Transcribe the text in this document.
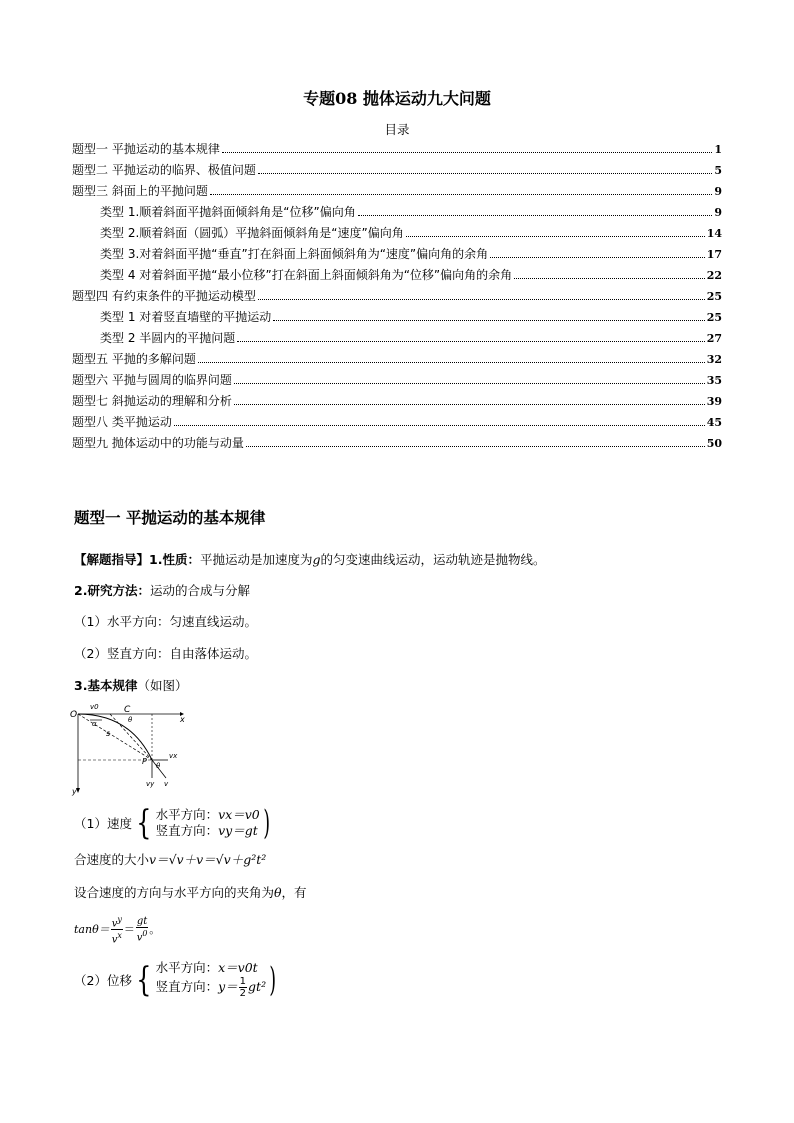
专题08 抛体运动九大问题
目录
题型一 平抛运动的基本规律	1
题型二 平抛运动的临界、极值问题	5
题型三 斜面上的平抛问题	9
类型 1.顺着斜面平抛斜面倾斜角是“位移”偏向角	9
类型 2.顺着斜面（圆弧）平抛斜面倾斜角是“速度”偏向角	14
类型 3.对着斜面平抛“垂直”打在斜面上斜面倾斜角为“速度”偏向角的余角	17
类型 4 对着斜面平抛“最小位移”打在斜面上斜面倾斜角为“位移”偏向角的余角	22
题型四 有约束条件的平抛运动模型	25
类型 1 对着竖直墙壁的平抛运动	25
类型 2 半圆内的平抛问题	27
题型五 平抛的多解问题	32
题型六 平抛与圆周的临界问题	35
题型七 斜抛运动的理解和分析	39
题型八 类平抛运动	45
题型九 抛体运动中的功能与动量	50
题型一 平抛运动的基本规律
【解题指导】1.性质：平抛运动是加速度为g的匀变速曲线运动，运动轨迹是抛物线。
2.研究方法：运动的合成与分解
（1）水平方向：匀速直线运动。
（2）竖直方向：自由落体运动。
3.基本规律（如图）
O	C
x
y
P
s
α	θ
θ
v0
vx
vy v
（1）速度 { 水平方向：vx＝v0
竖直方向：vy＝gt )
合速度的大小v＝√v＋v＝√v＋g²t²
设合速度的方向与水平方向的夹角为θ，有
$\tan\theta= \frac{v^y}{v^x} = \frac{gt}{v^0}$ 。
（2）位移 { 水平方向：x＝v0t
竖直方向：$y= \frac{1}{2} gt^2$ )
